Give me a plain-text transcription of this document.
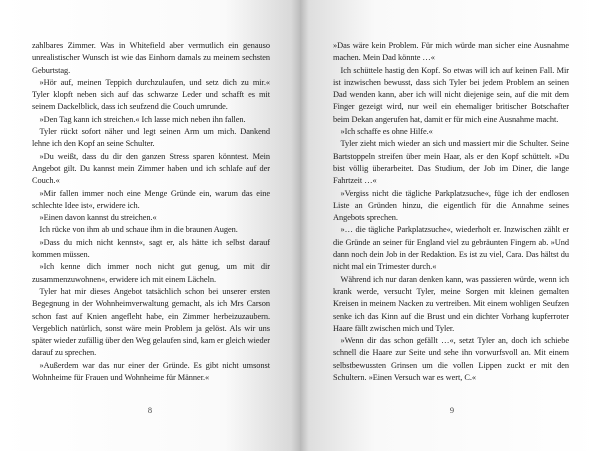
zahlbares Zimmer. Was in Whitefield aber vermutlich ein genauso unrealistischer Wunsch ist wie das Einhorn damals zu meinem sechsten Geburtstag.

»Hör auf, meinen Teppich durchzulaufen, und setz dich zu mir.« Tyler klopft neben sich auf das schwarze Leder und schafft es mit seinem Dackelblick, dass ich seufzend die Couch umrunde.

»Den Tag kann ich streichen.« Ich lasse mich neben ihn fallen.

Tyler rückt sofort näher und legt seinen Arm um mich. Dankend lehne ich den Kopf an seine Schulter.

»Du weißt, dass du dir den ganzen Stress sparen könntest. Mein Angebot gilt. Du kannst mein Zimmer haben und ich schlafe auf der Couch.«

»Mir fallen immer noch eine Menge Gründe ein, warum das eine schlechte Idee ist«, erwidere ich.

»Einen davon kannst du streichen.«

Ich rücke von ihm ab und schaue ihm in die braunen Augen.

»Dass du mich nicht kennst«, sagt er, als hätte ich selbst darauf kommen müssen.

»Ich kenne dich immer noch nicht gut genug, um mit dir zusammenzuwohnen«, erwidere ich mit einem Lächeln.

Tyler hat mir dieses Angebot tatsächlich schon bei unserer ersten Begegnung in der Wohnheimverwaltung gemacht, als ich Mrs Carson schon fast auf Knien angefleht habe, ein Zimmer herbeizuzaubern. Vergeblich natürlich, sonst wäre mein Problem ja gelöst. Als wir uns später wieder zufällig über den Weg gelaufen sind, kam er gleich wieder darauf zu sprechen.

»Außerdem war das nur einer der Gründe. Es gibt nicht umsonst Wohnheime für Frauen und Wohnheime für Männer.«

8

»Das wäre kein Problem. Für mich würde man sicher eine Ausnahme machen. Mein Dad könnte …«

Ich schüttele hastig den Kopf. So etwas will ich auf keinen Fall. Mir ist inzwischen bewusst, dass sich Tyler bei jedem Problem an seinen Dad wenden kann, aber ich will nicht diejenige sein, auf die mit dem Finger gezeigt wird, nur weil ein ehemaliger britischer Botschafter beim Dekan angerufen hat, damit er für mich eine Ausnahme macht.

»Ich schaffe es ohne Hilfe.«

Tyler zieht mich wieder an sich und massiert mir die Schulter. Seine Bartstoppeln streifen über mein Haar, als er den Kopf schüttelt. »Du bist völlig überarbeitet. Das Studium, der Job im Diner, die lange Fahrtzeit …«

»Vergiss nicht die tägliche Parkplatzsuche«, füge ich der endlosen Liste an Gründen hinzu, die eigentlich für die Annahme seines Angebots sprechen.

»… die tägliche Parkplatzsuche«, wiederholt er. Inzwischen zählt er die Gründe an seiner für England viel zu gebräunten Fingern ab. »Und dann noch dein Job in der Redaktion. Es ist zu viel, Cara. Das hältst du nicht mal ein Trimester durch.«

Während ich nur daran denken kann, was passieren würde, wenn ich krank werde, versucht Tyler, meine Sorgen mit kleinen gemalten Kreisen in meinem Nacken zu vertreiben. Mit einem wohligen Seufzen senke ich das Kinn auf die Brust und ein dichter Vorhang kupferroter Haare fällt zwischen mich und Tyler.

»Wenn dir das schon gefällt …«, setzt Tyler an, doch ich schiebe schnell die Haare zur Seite und sehe ihn vorwurfsvoll an. Mit einem selbstbewussten Grinsen um die vollen Lippen zuckt er mit den Schultern. »Einen Versuch war es wert, C.«

9
